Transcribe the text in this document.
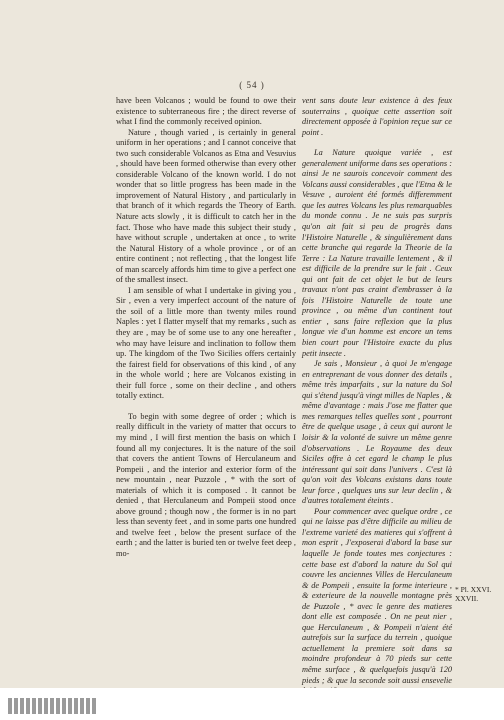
( 54 )

have been Volcanos ; would be found to owe their existence to subterraneous fire ; the direct reverse of what I find the commonly received opinion.

Nature , though varied , is certainly in general uniform in her operations ; and I cannot conceive that two such considerable Volcanos as Etna and Vesuvius , should have been formed otherwise than every other considerable Volcano of the known world. I do not wonder that so little progress has been made in the improvement of Natural History , and particularly in that branch of it which regards the Theory of Earth. Nature acts slowly , it is difficult to catch her in the fact. Those who have made this subject their study , have without scruple , undertaken at once , to write the Natural History of a whole province , or of an entire continent ; not reflecting , that the longest life of man scarcely affords him time to give a perfect one of the smallest insect.

I am sensible of what I undertake in giving you , Sir , even a very imperfect account of the nature of the soil of a little more than twenty miles round Naples : yet I flatter myself that my remarks , such as they are , may be of some use to any one hereafter , who may have leisure and inclination to follow them up. The kingdom of the Two Sicilies offers certainly the fairest field for observations of this kind , of any in the whole world ; here are Volcanos existing in their full force , some on their decline , and others totally extinct.

To begin with some degree of order ; which is really difficult in the variety of matter that occurs to my mind , I will first mention the basis on which I found all my conjectures. It is the nature of the soil that covers the antient Towns of Herculaneum and Pompeii , and the interior and exterior form of the new mountain , near Puzzole , * with the sort of materials of which it is composed . It cannot be denied , that Herculaneum and Pompeii stood once above ground ; though now , the former is in no part less than seventy feet , and in some parts one hundred and twelve feet , below the present surface of the earth ; and the latter is buried ten or twelve feet deep , mo-

vent sans doute leur existence à des feux souterrains , quoique cette assertion soit directement opposée à l'opinion reçue sur ce point .

La Nature quoique variée , est generalement uniforme dans ses operations : ainsi Je ne saurois concevoir comment des Volcans aussi considerables , que l'Etna & le Vesuve , auroient été formés differemment que les autres Volcans les plus remarquables du monde connu . Je ne suis pas surpris qu'on ait fait si peu de progrès dans l'Histoire Naturelle , & singulièrement dans cette branche qui regarde la Theorie de la Terre : La Nature travaille lentement , & il est difficile de la prendre sur le fait . Ceux qui ont fait de cet objet le but de leurs travaux n'ont pas craint d'embrasser à la fois l'Histoire Naturelle de toute une province , ou même d'un continent tout entier , sans faire reflexion que la plus longue vie d'un homme est encore un tems bien court pour l'Histoire exacte du plus petit insecte .

Je sais , Monsieur , à quoi Je m'engage en entreprenant de vous donner des details , même très imparfaits , sur la nature du Sol qui s'étend jusqu'à vingt milles de Naples , & même d'avantage : mais J'ose me flatter que mes remarques telles quelles sont , pourront être de quelque usage , à ceux qui auront le loisir & la volonté de suivre un même genre d'observations . Le Royaume des deux Siciles offre à cet egard le champ le plus intéressant qui soit dans l'univers . C'est là qu'on voit des Volcans existans dans toute leur force , quelques uns sur leur declin , & d'autres totalement éteints .

Pour commencer avec quelque ordre , ce qui ne laisse pas d'être difficile au milieu de l'extreme varieté des matieres qui s'offrent à mon esprit , J'exposerai d'abord la base sur laquelle Je fonde toutes mes conjectures : cette base est d'abord la nature du Sol qui couvre les anciennes Villes de Herculaneum & de Pompeii , ensuite la forme interieure , & exterieure de la nouvelle montagne près de Puzzole , * avec le genre des matieres dont elle est composée . On ne peut nier , que Herculaneum , & Pompeii n'aient été autrefois sur la surface du terrein , quoique actuellement la premiere soit dans sa moindre profondeur à 70 pieds sur cette même surface , & quelquefois jusqu'à 120 pieds ; & que la seconde soit aussi ensevelie

* Pl. XXVI. XXVII.
